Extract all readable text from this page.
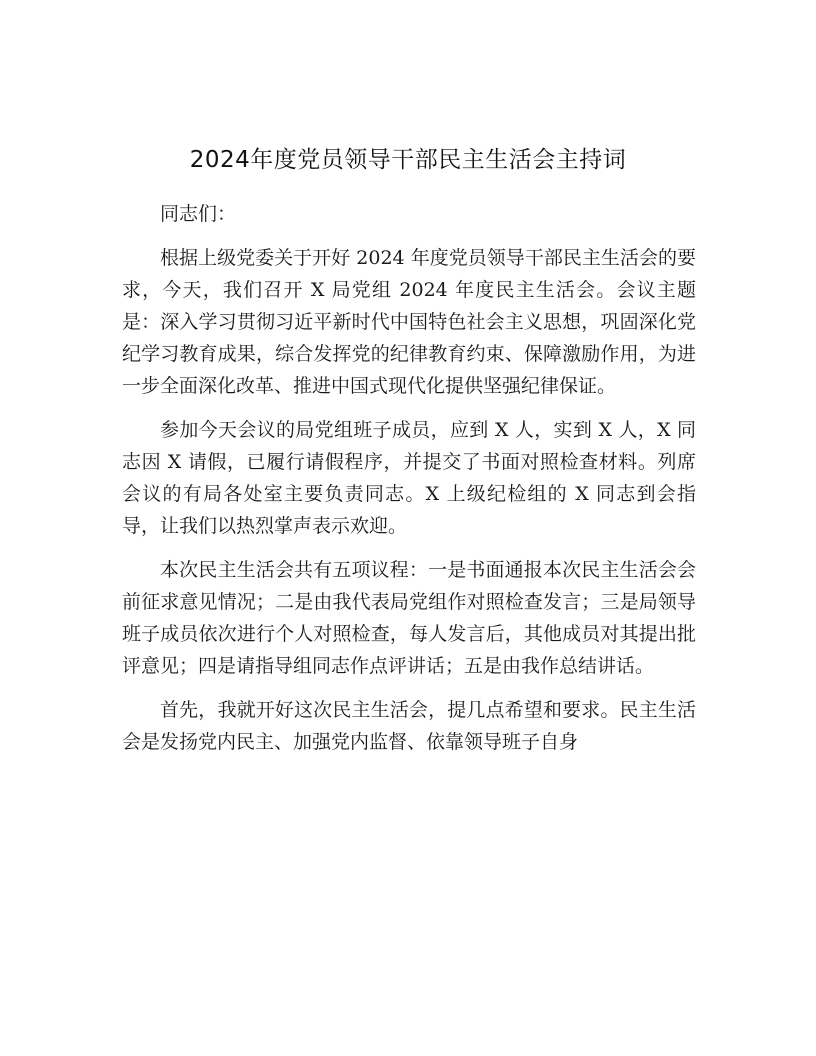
2024年度党员领导干部民主生活会主持词

同志们：

根据上级党委关于开好 2024 年度党员领导干部民主生活会的要求，今天，我们召开 X 局党组 2024 年度民主生活会。会议主题是：深入学习贯彻习近平新时代中国特色社会主义思想，巩固深化党纪学习教育成果，综合发挥党的纪律教育约束、保障激励作用，为进一步全面深化改革、推进中国式现代化提供坚强纪律保证。

参加今天会议的局党组班子成员，应到 X 人，实到 X 人，X 同志因 X 请假，已履行请假程序，并提交了书面对照检查材料。列席会议的有局各处室主要负责同志。X 上级纪检组的 X 同志到会指导，让我们以热烈掌声表示欢迎。

本次民主生活会共有五项议程：一是书面通报本次民主生活会会前征求意见情况；二是由我代表局党组作对照检查发言；三是局领导班子成员依次进行个人对照检查，每人发言后，其他成员对其提出批评意见；四是请指导组同志作点评讲话；五是由我作总结讲话。

首先，我就开好这次民主生活会，提几点希望和要求。民主生活会是发扬党内民主、加强党内监督、依靠领导班子自身
